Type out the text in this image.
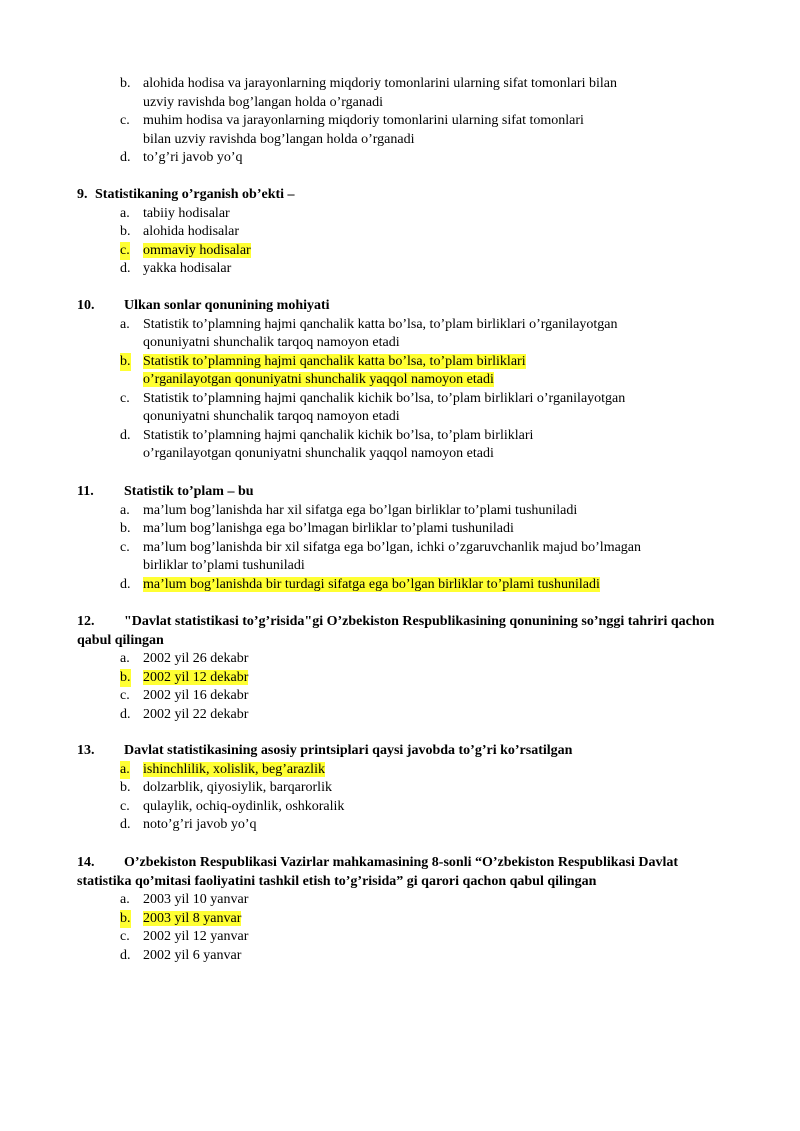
b. alohida hodisa va jarayonlarning miqdoriy tomonlarini ularning sifat tomonlari bilan
uzviy ravishda bog’langan holda o’rganadi
c. muhim hodisa va jarayonlarning miqdoriy tomonlarini ularning sifat tomonlari
bilan uzviy ravishda bog’langan holda o’rganadi
d. to’g’ri javob yo’q
9. Statistikaning o’rganish ob’ekti –
a. tabiiy hodisalar
b. alohida hodisalar
c. ommaviy hodisalar
d. yakka hodisalar
10.	Ulkan sonlar qonunining mohiyati
a. Statistik to’plamning hajmi qanchalik katta bo’lsa, to’plam birliklari o’rganilayotgan
qonuniyatni shunchalik tarqoq namoyon etadi
b. Statistik to’plamning hajmi qanchalik katta bo’lsa, to’plam birliklari
o’rganilayotgan qonuniyatni shunchalik yaqqol namoyon etadi
c. Statistik to’plamning hajmi qanchalik kichik bo’lsa, to’plam birliklari o’rganilayotgan
qonuniyatni shunchalik tarqoq namoyon etadi
d. Statistik to’plamning hajmi qanchalik kichik bo’lsa, to’plam birliklari
o’rganilayotgan qonuniyatni shunchalik yaqqol namoyon etadi
11.	Statistik to’plam – bu
a. ma’lum bog’lanishda har xil sifatga ega bo’lgan birliklar to’plami tushuniladi
b. ma’lum bog’lanishga ega bo’lmagan birliklar to’plami tushuniladi
c. ma’lum bog’lanishda bir xil sifatga ega bo’lgan, ichki o’zgaruvchanlik majud bo’lmagan
birliklar to’plami tushuniladi
d. ma’lum bog’lanishda bir turdagi sifatga ega bo’lgan birliklar to’plami tushuniladi
"Davlat statistikasi to’g’risida"gi O’zbekiston Respublikasining qonunining so’nggi tahriri qachon qabul qilingan
12.
a. 2002 yil 26 dekabr
b. 2002 yil 12 dekabr
c. 2002 yil 16 dekabr
d. 2002 yil 22 dekabr
13.	Davlat statistikasining asosiy printsiplari qaysi javobda to’g’ri ko’rsatilgan
a. ishinchlilik, xolislik, beg’arazlik
b. dolzarblik, qiyosiylik, barqarorlik
c. qulaylik, ochiq-oydinlik, oshkoralik
d. noto’g’ri javob yo’q
O’zbekiston Respublikasi Vazirlar mahkamasining 8-sonli “O’zbekiston Respublikasi Davlat statistika qo’mitasi faoliyatini tashkil etish to’g’risida” gi qarori qachon qabul qilingan
14.
a. 2003 yil 10 yanvar
b. 2003 yil 8 yanvar
c. 2002 yil 12 yanvar
d. 2002 yil 6 yanvar
